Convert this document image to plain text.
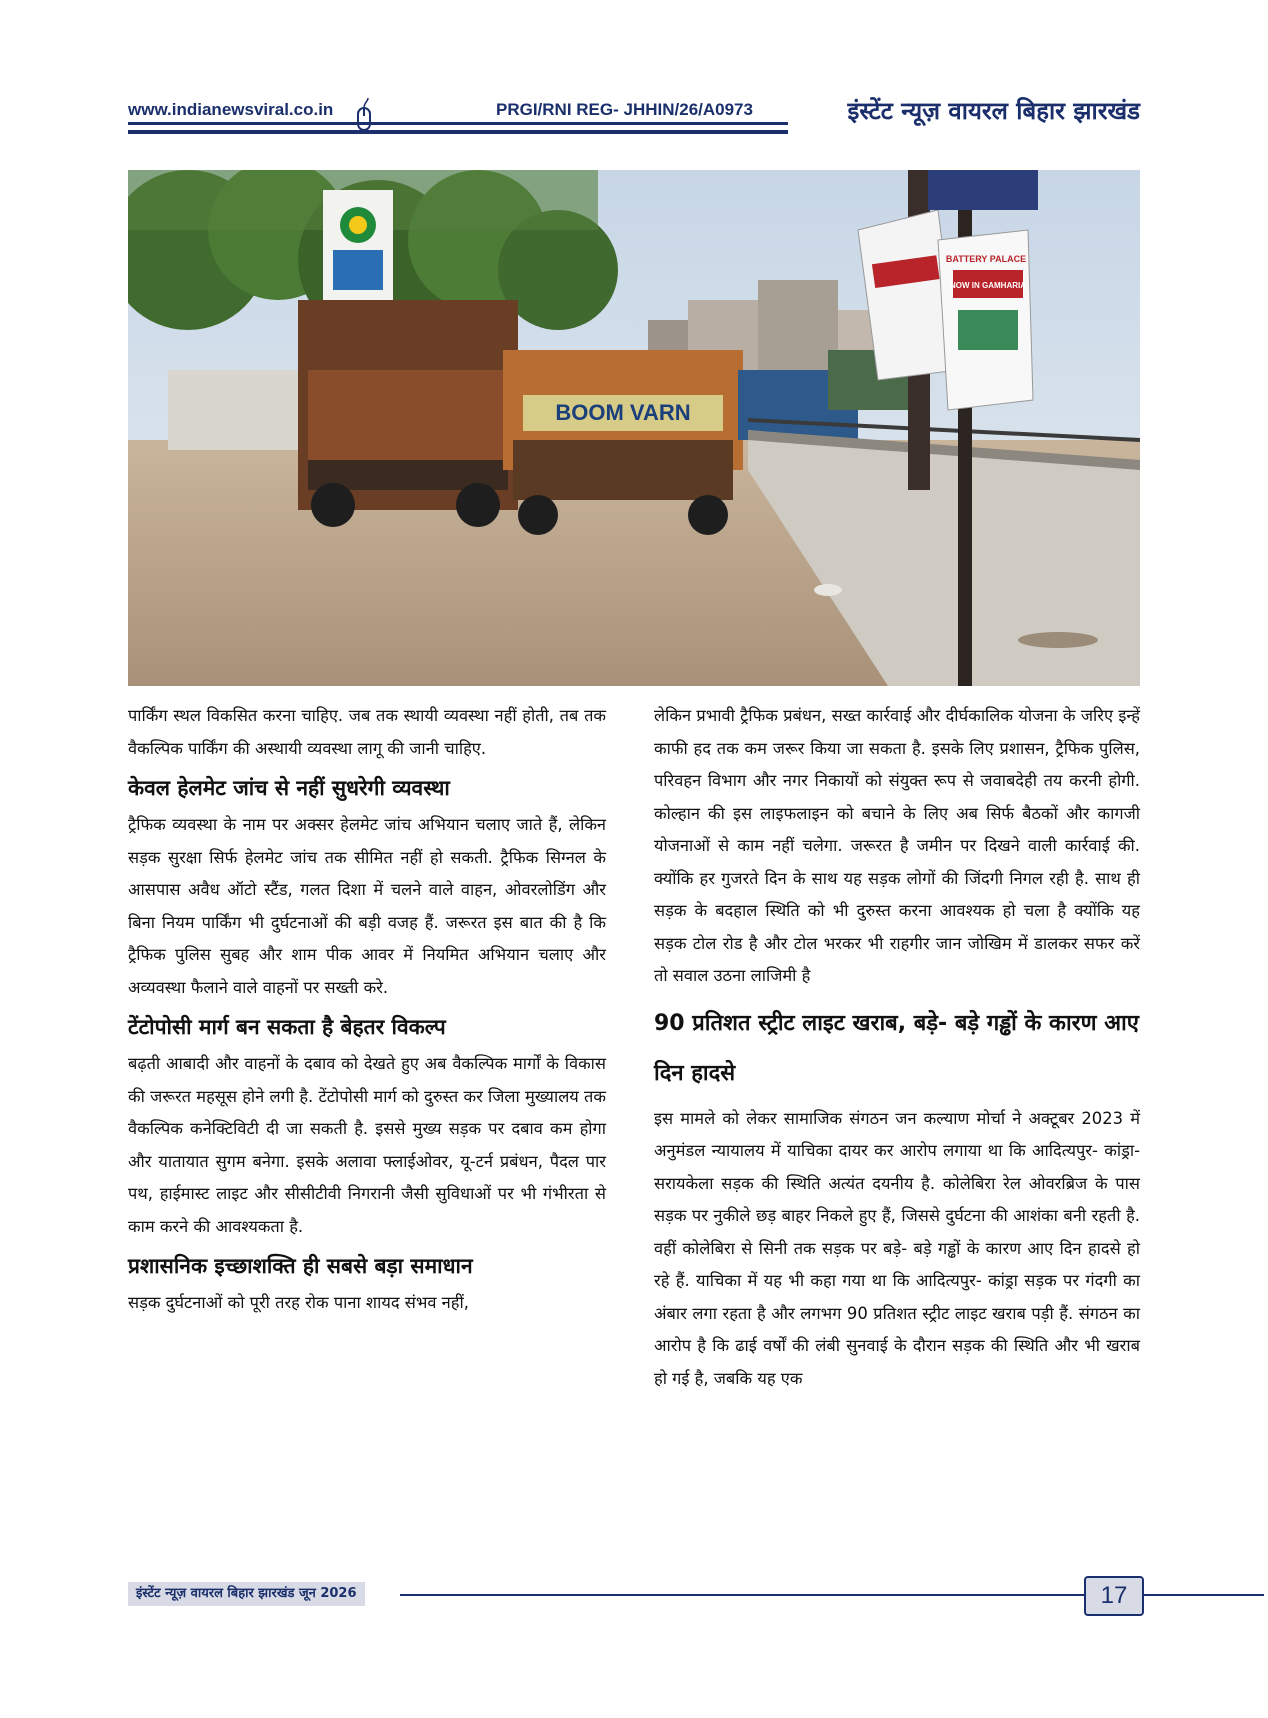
www.indianewsviral.co.in	PRGI/RNI REG- JHHIN/26/A0973	इंस्टेंट न्यूज़ वायरल बिहार झारखंड
BOOM VARN
BATTERY PALACE
NOW IN GAMHARIA

पार्किंग स्थल विकसित करना चाहिए. जब तक स्थायी व्यवस्था नहीं होती, तब तक वैकल्पिक पार्किंग की अस्थायी व्यवस्था लागू की जानी चाहिए.

केवल हेलमेट जांच से नहीं सुधरेगी व्यवस्था

ट्रैफिक व्यवस्था के नाम पर अक्सर हेलमेट जांच अभियान चलाए जाते हैं, लेकिन सड़क सुरक्षा सिर्फ हेलमेट जांच तक सीमित नहीं हो सकती. ट्रैफिक सिग्नल के आसपास अवैध ऑटो स्टैंड, गलत दिशा में चलने वाले वाहन, ओवरलोडिंग और बिना नियम पार्किंग भी दुर्घटनाओं की बड़ी वजह हैं. जरूरत इस बात की है कि ट्रैफिक पुलिस सुबह और शाम पीक आवर में नियमित अभियान चलाए और अव्यवस्था फैलाने वाले वाहनों पर सख्ती करे.

टेंटोपोसी मार्ग बन सकता है बेहतर विकल्प

बढ़ती आबादी और वाहनों के दबाव को देखते हुए अब वैकल्पिक मार्गों के विकास की जरूरत महसूस होने लगी है. टेंटोपोसी मार्ग को दुरुस्त कर जिला मुख्यालय तक वैकल्पिक कनेक्टिविटी दी जा सकती है. इससे मुख्य सड़क पर दबाव कम होगा और यातायात सुगम बनेगा. इसके अलावा फ्लाईओवर, यू-टर्न प्रबंधन, पैदल पार पथ, हाईमास्ट लाइट और सीसीटीवी निगरानी जैसी सुविधाओं पर भी गंभीरता से काम करने की आवश्यकता है.

प्रशासनिक इच्छाशक्ति ही सबसे बड़ा समाधान

सड़क दुर्घटनाओं को पूरी तरह रोक पाना शायद संभव नहीं,

लेकिन प्रभावी ट्रैफिक प्रबंधन, सख्त कार्रवाई और दीर्घकालिक योजना के जरिए इन्हें काफी हद तक कम जरूर किया जा सकता है. इसके लिए प्रशासन, ट्रैफिक पुलिस, परिवहन विभाग और नगर निकायों को संयुक्त रूप से जवाबदेही तय करनी होगी. कोल्हान की इस लाइफलाइन को बचाने के लिए अब सिर्फ बैठकों और कागजी योजनाओं से काम नहीं चलेगा. जरूरत है जमीन पर दिखने वाली कार्रवाई की. क्योंकि हर गुजरते दिन के साथ यह सड़क लोगों की जिंदगी निगल रही है. साथ ही सड़क के बदहाल स्थिति को भी दुरुस्त करना आवश्यक हो चला है क्योंकि यह सड़क टोल रोड है और टोल भरकर भी राहगीर जान जोखिम में डालकर सफर करें तो सवाल उठना लाजिमी है

90 प्रतिशत स्ट्रीट लाइट खराब, बड़े- बड़े गड्ढों के कारण आए दिन हादसे

इस मामले को लेकर सामाजिक संगठन जन कल्याण मोर्चा ने अक्टूबर 2023 में अनुमंडल न्यायालय में याचिका दायर कर आरोप लगाया था कि आदित्यपुर- कांड्रा- सरायकेला सड़क की स्थिति अत्यंत दयनीय है. कोलेबिरा रेल ओवरब्रिज के पास सड़क पर नुकीले छड़ बाहर निकले हुए हैं, जिससे दुर्घटना की आशंका बनी रहती है. वहीं कोलेबिरा से सिनी तक सड़क पर बड़े- बड़े गड्ढों के कारण आए दिन हादसे हो रहे हैं. याचिका में यह भी कहा गया था कि आदित्यपुर- कांड्रा सड़क पर गंदगी का अंबार लगा रहता है और लगभग 90 प्रतिशत स्ट्रीट लाइट खराब पड़ी हैं. संगठन का आरोप है कि ढाई वर्षों की लंबी सुनवाई के दौरान सड़क की स्थिति और भी खराब हो गई है, जबकि यह एक

इंस्टेंट न्यूज़ वायरल बिहार झारखंड जून 2026	17
